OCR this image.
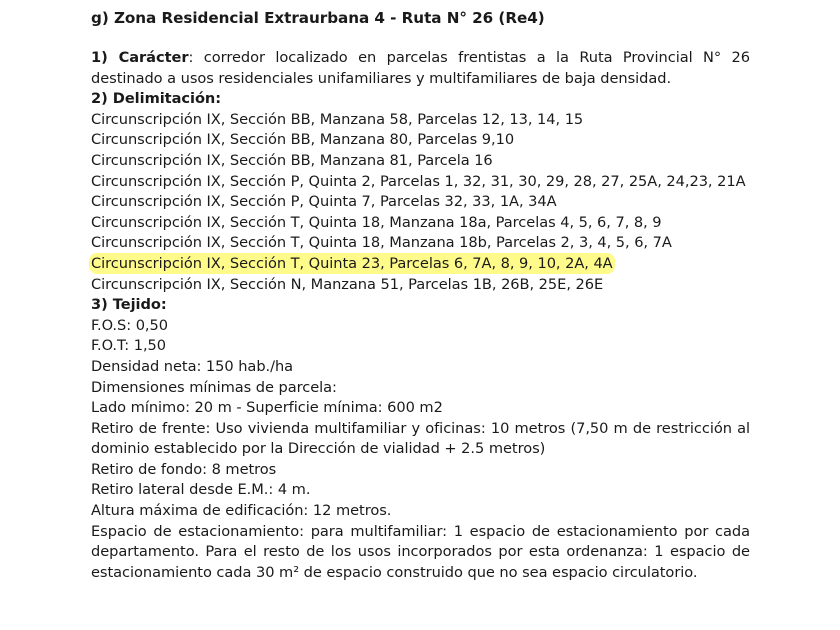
g) Zona Residencial Extraurbana 4 - Ruta N° 26 (Re4)

1) Carácter: corredor localizado en parcelas frentistas a la Ruta Provincial N° 26 destinado a usos residenciales unifamiliares y multifamiliares de baja densidad.

2) Delimitación:

Circunscripción IX, Sección BB, Manzana 58, Parcelas 12, 13, 14, 15

Circunscripción IX, Sección BB, Manzana 80, Parcelas 9,10

Circunscripción IX, Sección BB, Manzana 81, Parcela 16

Circunscripción IX, Sección P, Quinta 2, Parcelas 1, 32, 31, 30, 29, 28, 27, 25A, 24,23, 21A

Circunscripción IX, Sección P, Quinta 7, Parcelas 32, 33, 1A, 34A

Circunscripción IX, Sección T, Quinta 18, Manzana 18a, Parcelas 4, 5, 6, 7, 8, 9

Circunscripción IX, Sección T, Quinta 18, Manzana 18b, Parcelas 2, 3, 4, 5, 6, 7A

Circunscripción IX, Sección T, Quinta 23, Parcelas 6, 7A, 8, 9, 10, 2A, 4A

Circunscripción IX, Sección N, Manzana 51, Parcelas 1B, 26B, 25E, 26E

3) Tejido:

F.O.S: 0,50

F.O.T: 1,50

Densidad neta: 150 hab./ha

Dimensiones mínimas de parcela:

Lado mínimo: 20 m - Superficie mínima: 600 m2

Retiro de frente: Uso vivienda multifamiliar y oficinas: 10 metros (7,50 m de restricción al dominio establecido por la Dirección de vialidad + 2.5 metros)

Retiro de fondo: 8 metros

Retiro lateral desde E.M.: 4 m.

Altura máxima de edificación: 12 metros.

Espacio de estacionamiento: para multifamiliar: 1 espacio de estacionamiento por cada departamento. Para el resto de los usos incorporados por esta ordenanza: 1 espacio de estacionamiento cada 30 m² de espacio construido que no sea espacio circulatorio.
